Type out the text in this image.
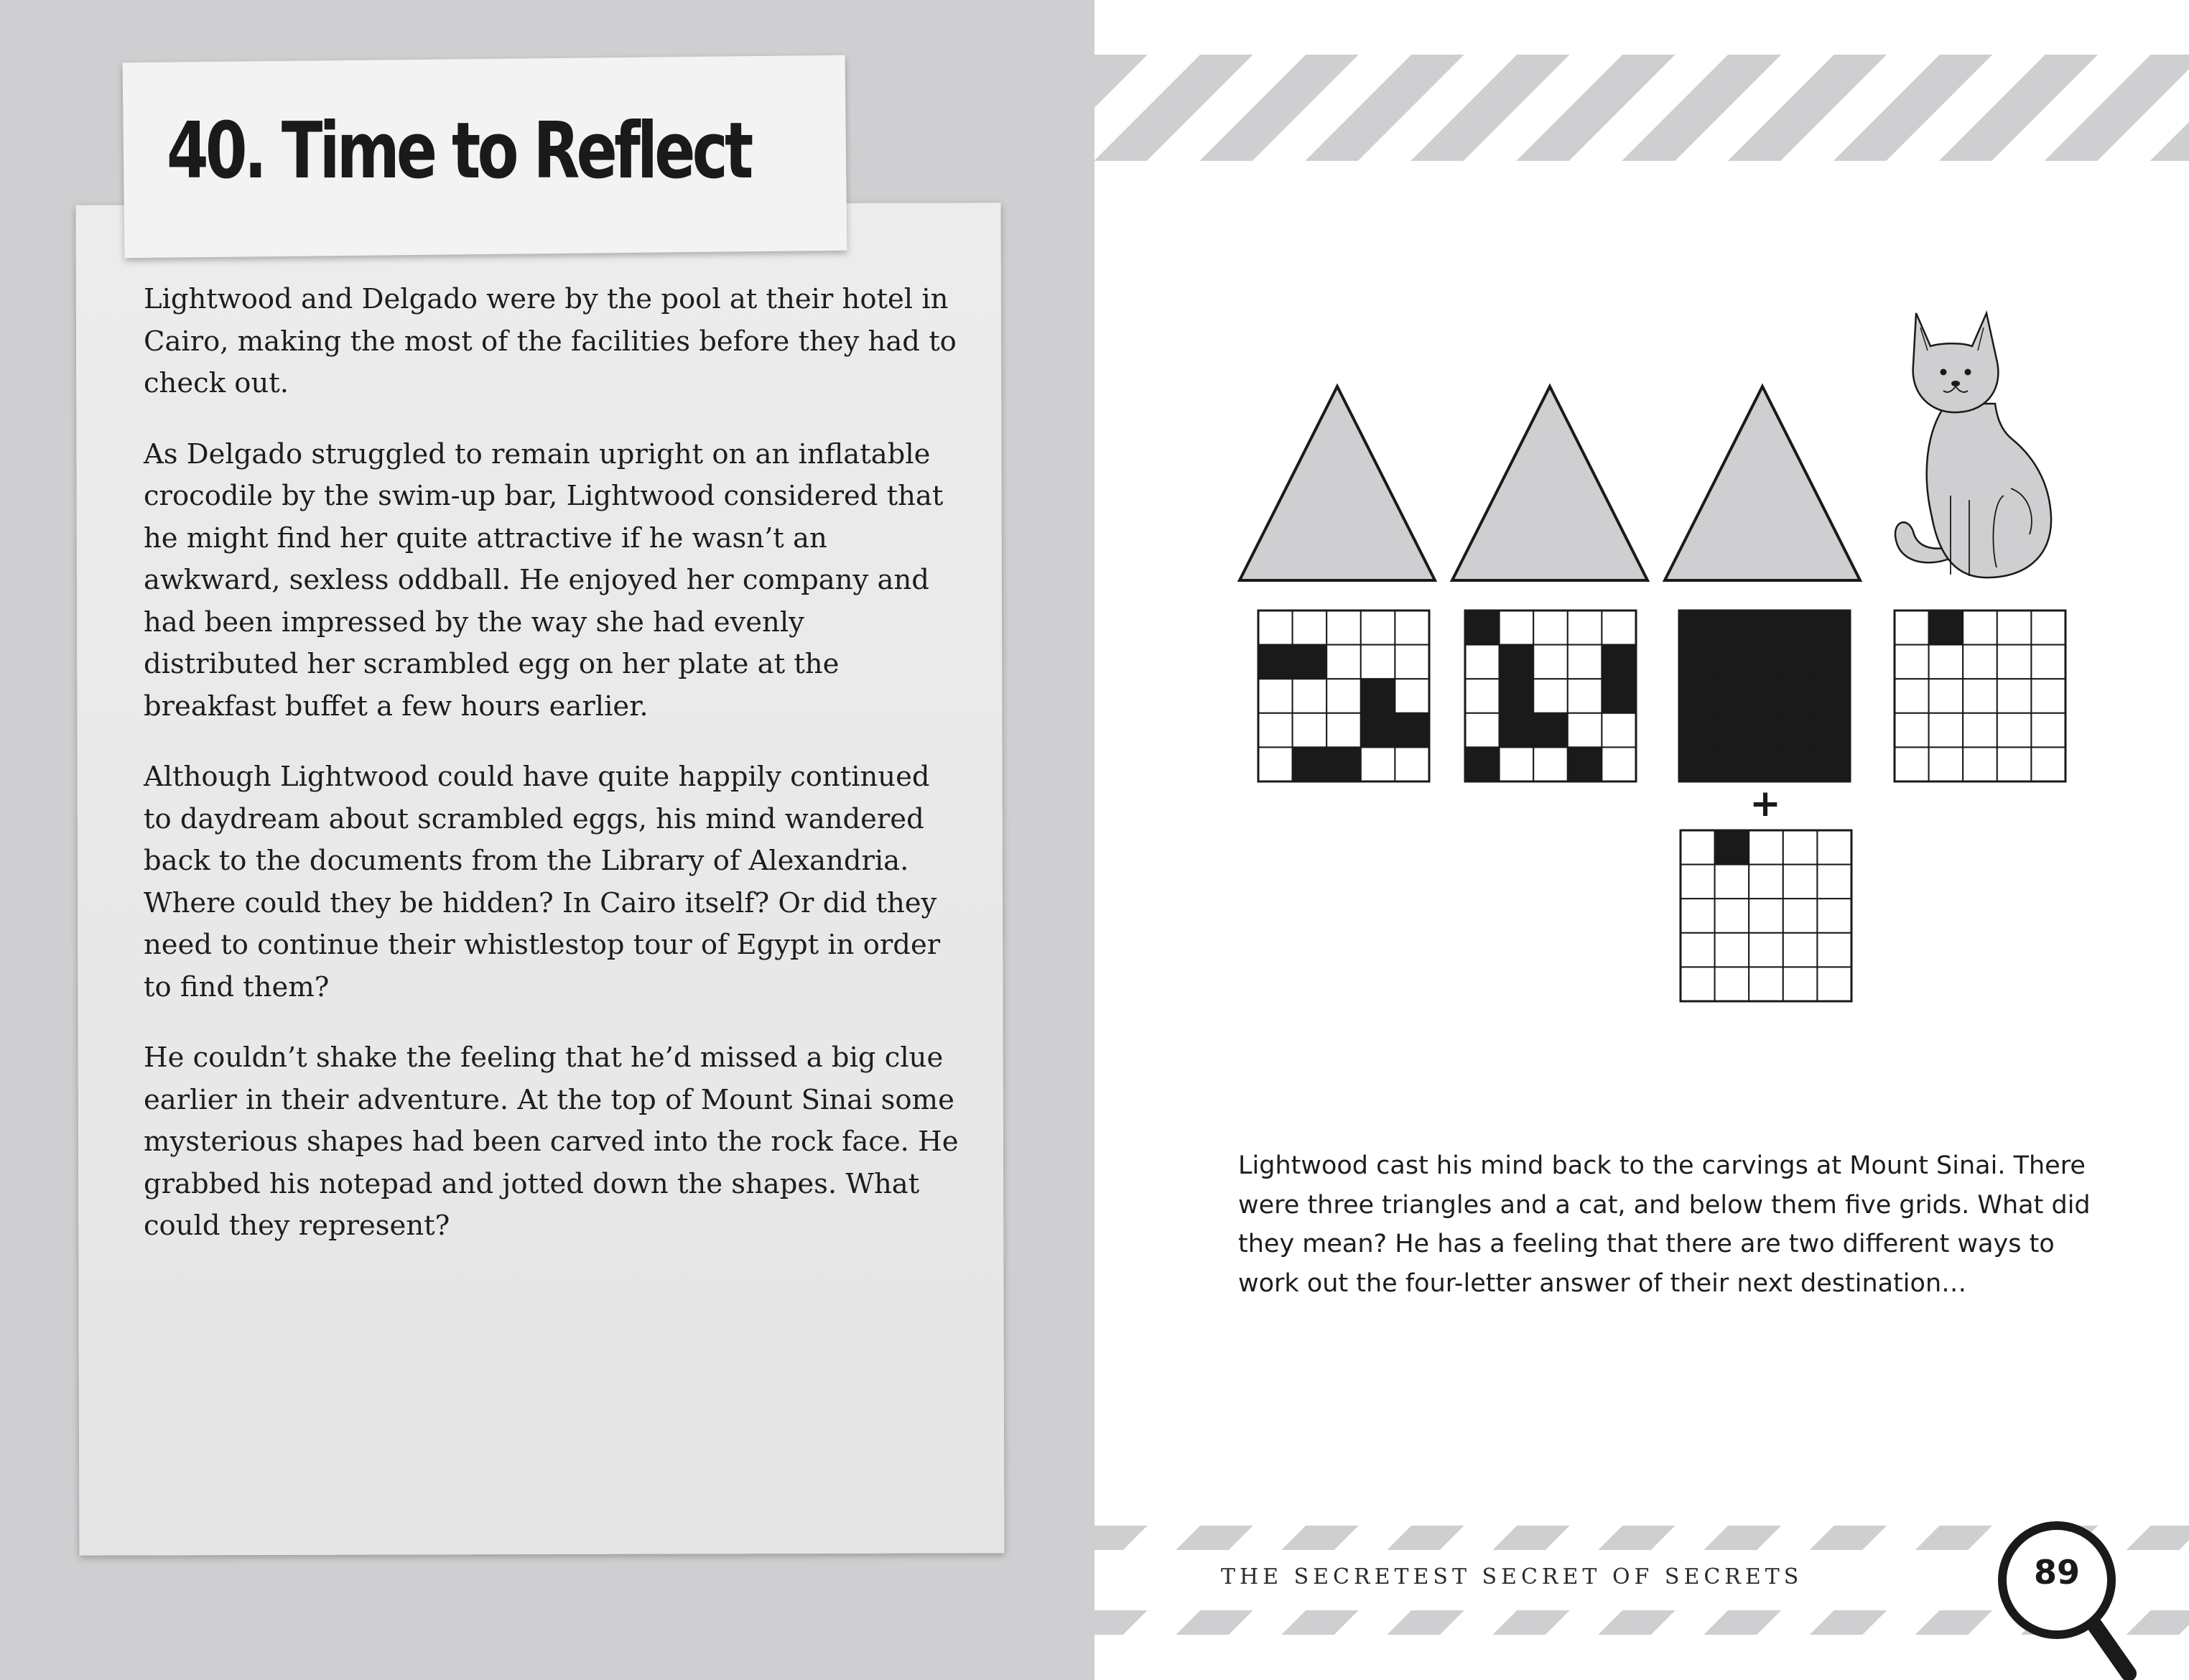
40. Time to Reflect

Lightwood and Delgado were by the pool at their hotel in Cairo, making the most of the facilities before they had to check out.

As Delgado struggled to remain upright on an inflatable crocodile by the swim-up bar, Lightwood considered that he might find her quite attractive if he wasn’t an awkward, sexless oddball. He enjoyed her company and had been impressed by the way she had evenly distributed her scrambled egg on her plate at the breakfast buffet a few hours earlier.

Although Lightwood could have quite happily continued to daydream about scrambled eggs, his mind wandered back to the documents from the Library of Alexandria. Where could they be hidden? In Cairo itself? Or did they need to continue their whistlestop tour of Egypt in order to find them?

He couldn’t shake the feeling that he’d missed a big clue earlier in their adventure. At the top of Mount Sinai some mysterious shapes had been carved into the rock face. He grabbed his notepad and jotted down the shapes. What could they represent?

+
Lightwood cast his mind back to the carvings at Mount Sinai. There were three triangles and a cat, and below them five grids. What did they mean? He has a feeling that there are two different ways to work out the four-letter answer of their next destination…
THE SECRETEST SECRET OF SECRETS	89
